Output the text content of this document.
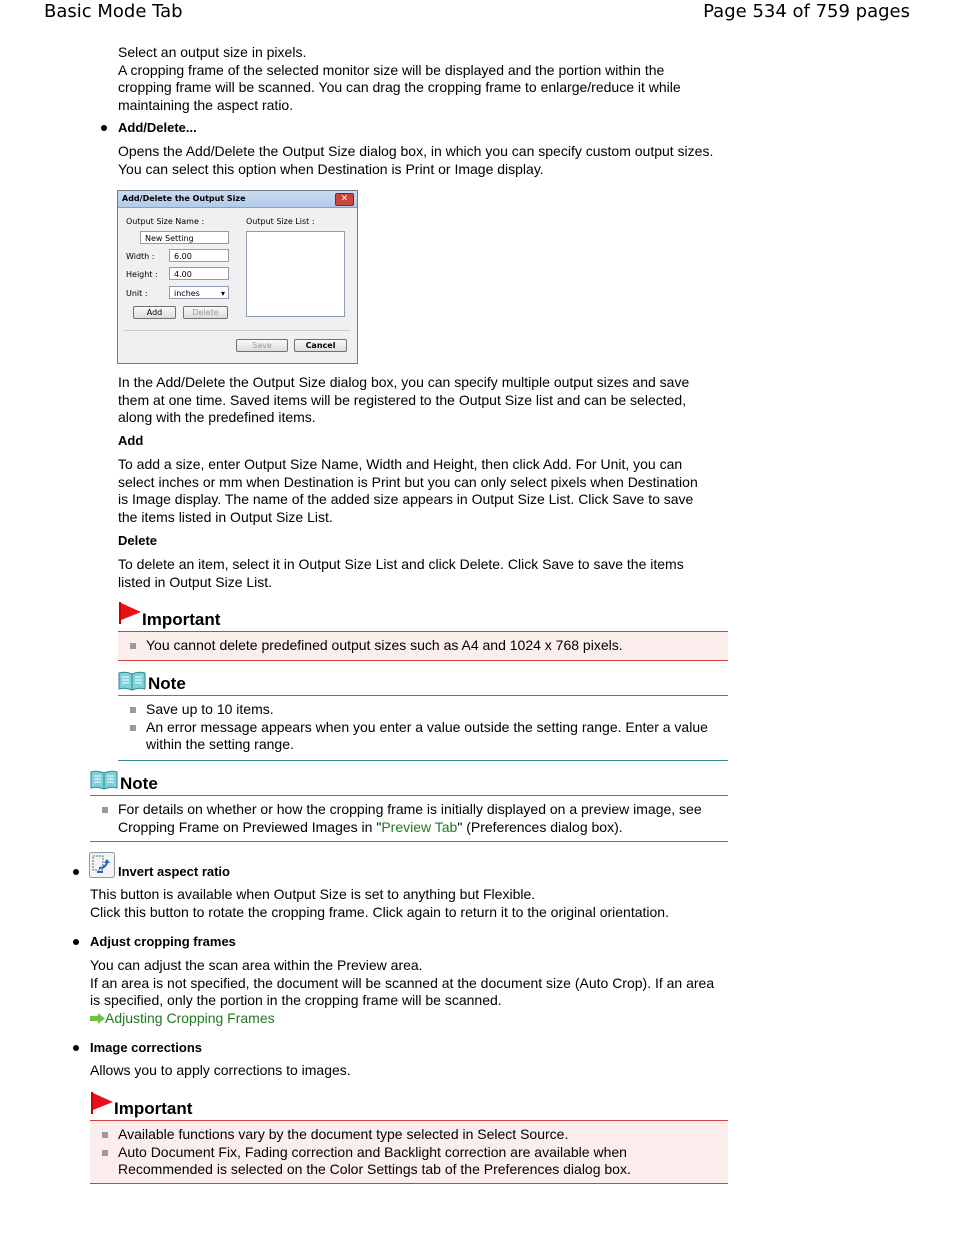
Basic Mode Tab	Page 534 of 759 pages

Select an output size in pixels.

A cropping frame of the selected monitor size will be displayed and the portion within the

cropping frame will be scanned. You can drag the cropping frame to enlarge/reduce it while

maintaining the aspect ratio.

Add/Delete...

Opens the Add/Delete the Output Size dialog box, in which you can specify custom output sizes.

You can select this option when Destination is Print or Image display.

Add/Delete the Output Size	✕
Output Size Name :
New Setting
Width :	6.00
Height :	4.00
Unit :	inches	▾
Add	Delete
Output Size List :
Save	Cancel

In the Add/Delete the Output Size dialog box, you can specify multiple output sizes and save

them at one time. Saved items will be registered to the Output Size list and can be selected,

along with the predefined items.

Add

To add a size, enter Output Size Name, Width and Height, then click Add. For Unit, you can

select inches or mm when Destination is Print but you can only select pixels when Destination

is Image display. The name of the added size appears in Output Size List. Click Save to save

the items listed in Output Size List.

Delete

To delete an item, select it in Output Size List and click Delete. Click Save to save the items

listed in Output Size List.

Important
You cannot delete predefined output sizes such as A4 and 1024 x 768 pixels.
Note
Save up to 10 items.
An error message appears when you enter a value outside the setting range. Enter a value
within the setting range.
Note
For details on whether or how the cropping frame is initially displayed on a preview image, see
Cropping Frame on Previewed Images in "Preview Tab" (Preferences dialog box).
Invert aspect ratio

This button is available when Output Size is set to anything but Flexible.

Click this button to rotate the cropping frame. Click again to return it to the original orientation.

Adjust cropping frames

You can adjust the scan area within the Preview area.

If an area is not specified, the document will be scanned at the document size (Auto Crop). If an area

is specified, only the portion in the cropping frame will be scanned.

Adjusting Cropping Frames

Image corrections
Allows you to apply corrections to images.
Important
Available functions vary by the document type selected in Select Source.
Auto Document Fix, Fading correction and Backlight correction are available when
Recommended is selected on the Color Settings tab of the Preferences dialog box.
